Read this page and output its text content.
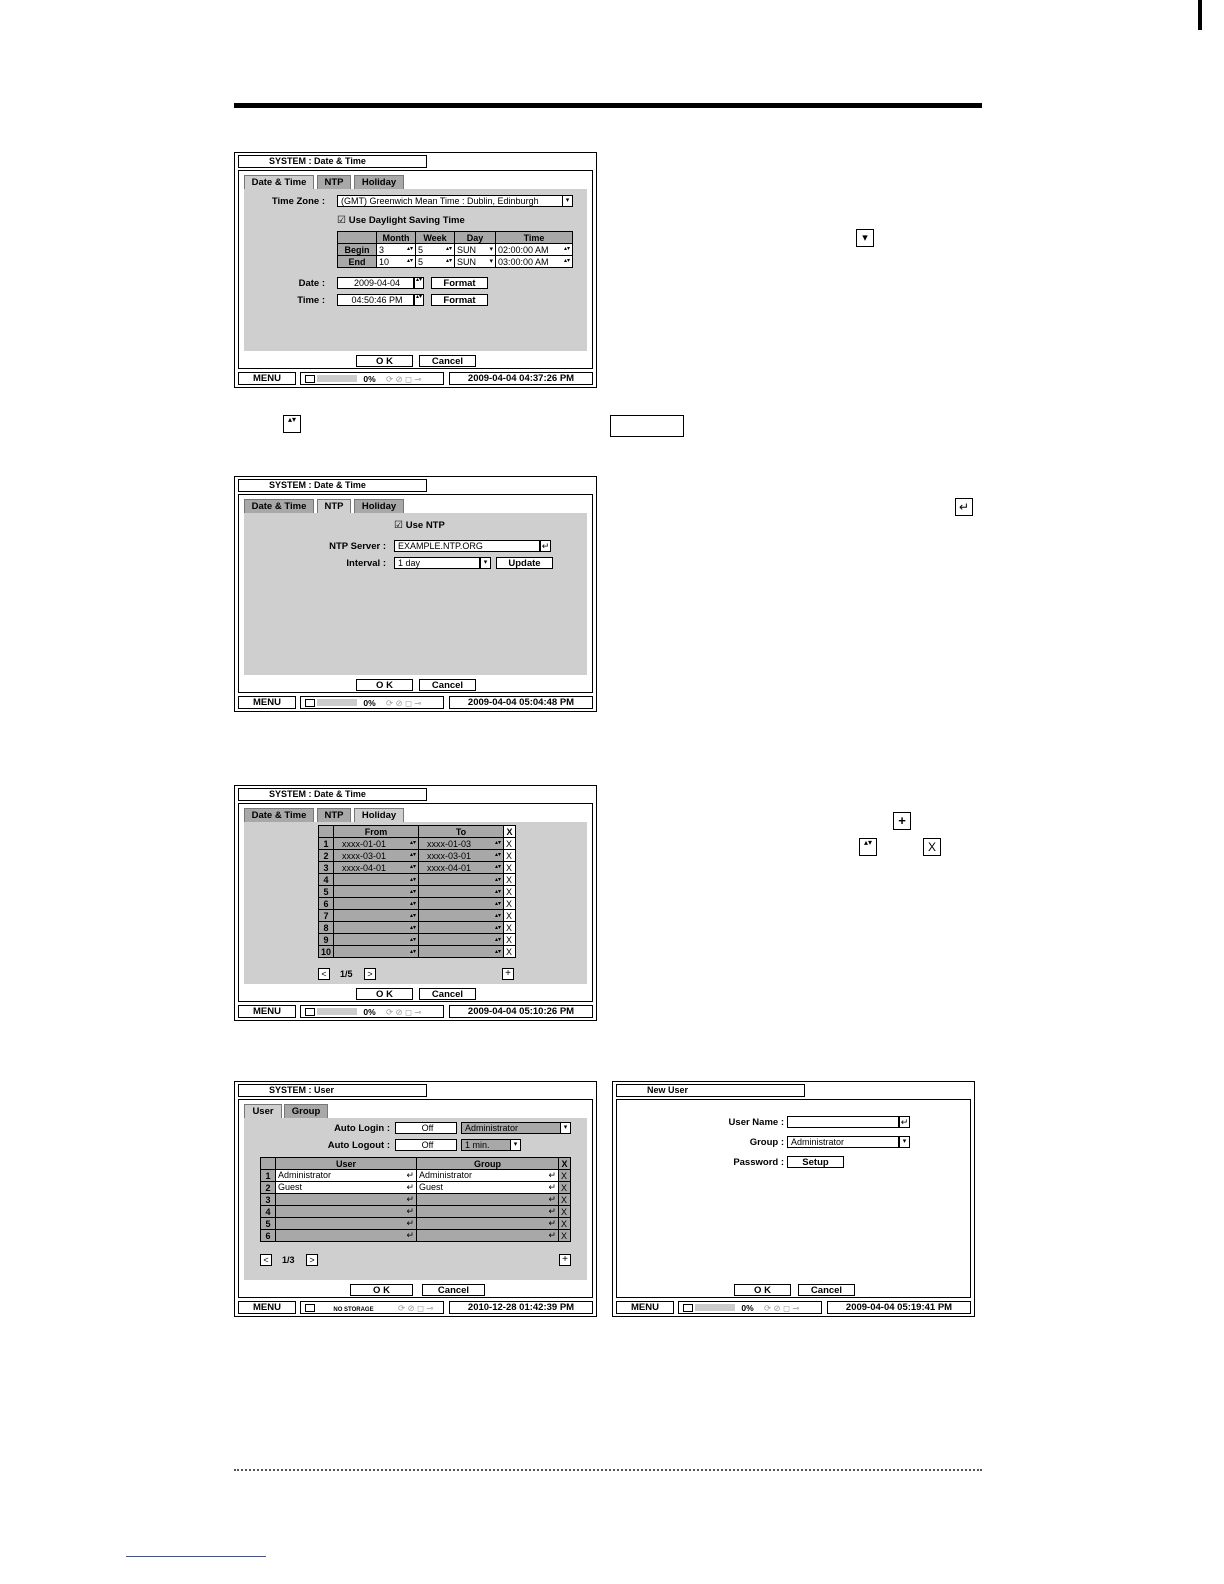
SYSTEM : Date & Time
Date & Time	NTP	Holiday
Time Zone :	(GMT) Greenwich Mean Time : Dublin, Edinburgh	▾
☑ Use Daylight Saving Time
	Month	Week	Day	Time
Begin	3 ▴▾	5 ▴▾	SUN ▾	02:00:00 AM ▴▾

End	10 ▴▾	5 ▴▾	SUN ▾	03:00:00 AM ▴▾
Date :	2009-04-04	▴▾	Format
Time :	04:50:46 PM	▴▾	Format
O K	Cancel
MENU	0% ⟳ ⊘ ◻ ⊸	2009-04-04 04:37:26 PM
▴▾
▾
SYSTEM : Date & Time
Date & Time	NTP	Holiday
☑ Use NTP
NTP Server :	EXAMPLE.NTP.ORG	↵
Interval :	1 day	▾	Update
O K	Cancel
MENU	0% ⟳ ⊘ ◻ ⊸	2009-04-04 05:04:48 PM
↵
SYSTEM : Date & Time
Date & Time	NTP	Holiday
	From	To	X
1	xxxx-01-01 ▴▾	xxxx-01-03 ▴▾	X
2	xxxx-03-01 ▴▾	xxxx-03-01 ▴▾	X
3	xxxx-04-01 ▴▾	xxxx-04-01 ▴▾	X
4	▴▾	▴▾	X
5	▴▾	▴▾	X
6	▴▾	▴▾	X
7	▴▾	▴▾	X
8	▴▾	▴▾	X
9	▴▾	▴▾	X
10	▴▾	▴▾	X
<	1/5	>	+
O K	Cancel
MENU	0% ⟳ ⊘ ◻ ⊸	2009-04-04 05:10:26 PM
+
▴▾	X
SYSTEM : User
User	Group
Auto Login :	Off	Administrator	▾
Auto Logout :	Off	1 min.	▾
	User	Group	X
1	Administrator ↵	Administrator ↵	X
2	Guest ↵	Guest ↵	X
3	↵	↵	X
4	↵	↵	X
5	↵	↵	X
6	↵	↵	X
<	1/3	>	+
O K	Cancel
MENU	NO STORAGE	⟳ ⊘ ◻ ⊸	2010-12-28 01:42:39 PM
New User
User Name :	↵
Group : Administrator	▾
Password :	Setup
O K	Cancel
MENU	0% ⟳ ⊘ ◻ ⊸	2009-04-04 05:19:41 PM
